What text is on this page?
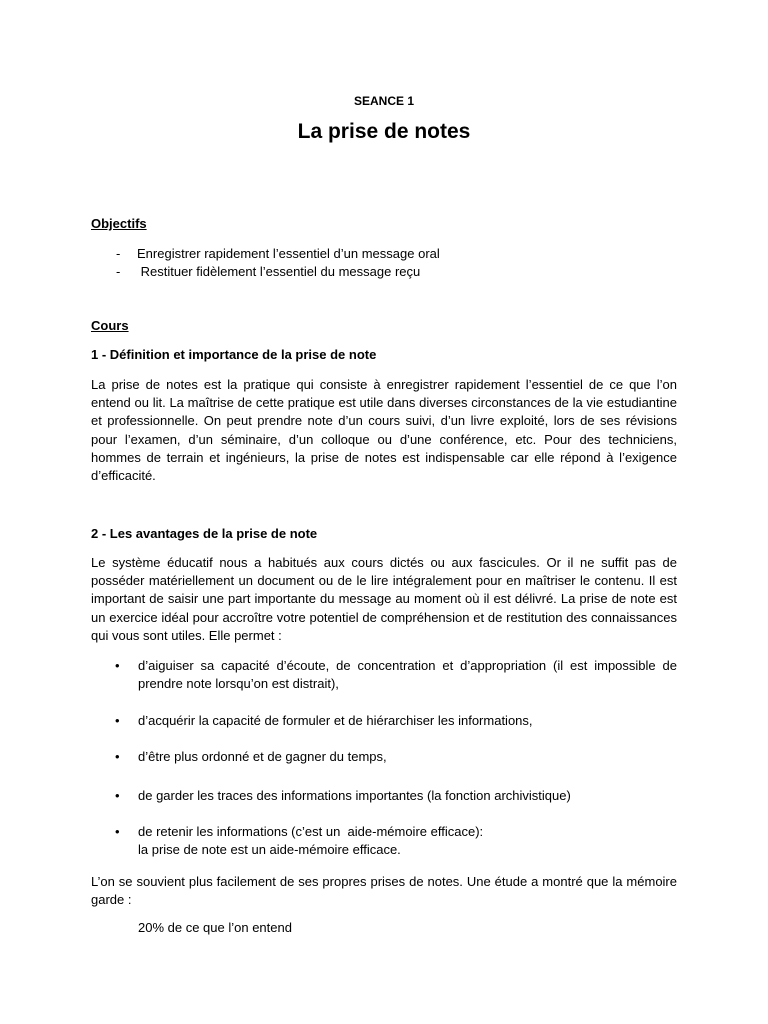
SEANCE 1
La prise de notes
Objectifs
- Enregistrer rapidement l’essentiel d’un message oral
- Restituer fidèlement l’essentiel du message reçu
Cours
1 - Définition et importance de la prise de note

La prise de notes est la pratique qui consiste à enregistrer rapidement l’essentiel de ce que l’on entend ou lit. La maîtrise de cette pratique est utile dans diverses circonstances de la vie estudiantine et professionnelle. On peut prendre note d’un cours suivi, d’un livre exploité, lors de ses révisions pour l’examen, d’un séminaire, d’un colloque ou d’une conférence, etc. Pour des techniciens, hommes de terrain et ingénieurs, la prise de notes est indispensable car elle répond à l’exigence d’efficacité.

2 - Les avantages de la prise de note

Le système éducatif nous a habitués aux cours dictés ou aux fascicules. Or il ne suffit pas de posséder matériellement un document ou de le lire intégralement pour en maîtriser le contenu. Il est important de saisir une part importante du message au moment où il est délivré. La prise de note est un exercice idéal pour accroître votre potentiel de compréhension et de restitution des connaissances qui vous sont utiles. Elle permet :

• d’aiguiser sa capacité d’écoute, de concentration et d’appropriation (il est impossible de prendre note lorsqu’on est distrait),
• d’acquérir la capacité de formuler et de hiérarchiser les informations,
• d’être plus ordonné et de gagner du temps,
• de garder les traces des informations importantes (la fonction archivistique)
• de retenir les informations (c’est un  aide-mémoire efficace):
la prise de note est un aide-mémoire efficace.

L’on se souvient plus facilement de ses propres prises de notes. Une étude a montré que la mémoire garde :

20% de ce que l’on entend
